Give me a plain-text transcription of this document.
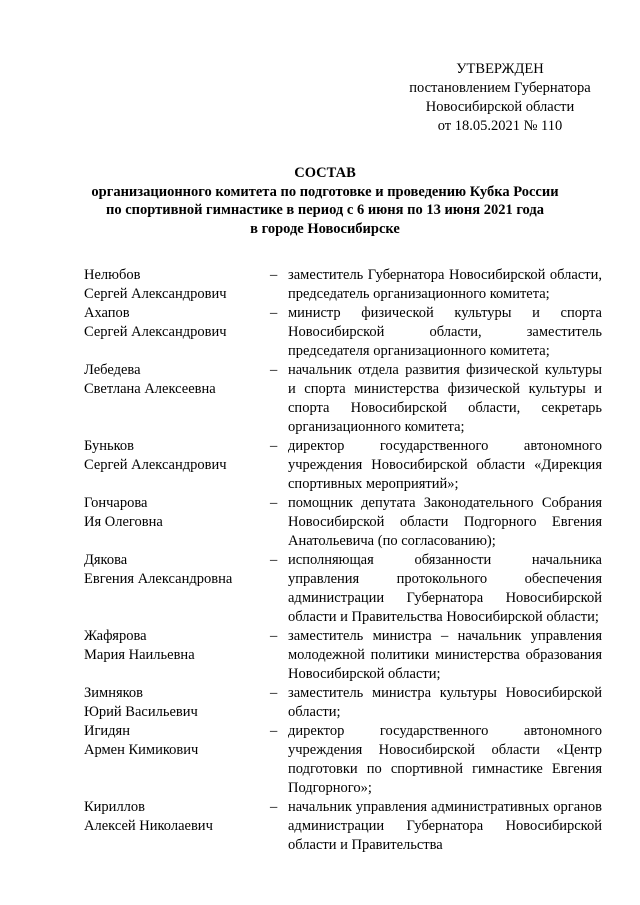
УТВЕРЖДЕН
постановлением Губернатора
Новосибирской области
от 18.05.2021 № 110
СОСТАВ
организационного комитета по подготовке и проведению Кубка России
по спортивной гимнастике в период с 6 июня по 13 июня 2021 года
в городе Новосибирске
Нелюбов
Сергей Александрович
– заместитель Губернатора Новосибирской области, председатель организационного комитета;
Ахапов
Сергей Александрович
– министр физической культуры и спорта Новосибирской области, заместитель председателя организационного комитета;
Лебедева
Светлана Алексеевна
– начальник отдела развития физической культуры и спорта министерства физической культуры и спорта Новосибирской области, секретарь организационного комитета;
Буньков
Сергей Александрович
– директор государственного автономного учреждения Новосибирской области «Дирекция спортивных мероприятий»;
Гончарова
Ия Олеговна
– помощник депутата Законодательного Собрания Новосибирской области Подгорного Евгения Анатольевича (по согласованию);
Дякова
Евгения Александровна
– исполняющая обязанности начальника управления протокольного обеспечения администрации Губернатора Новосибирской области и Правительства Новосибирской области;
Жафярова
Мария Наильевна
– заместитель министра – начальник управления молодежной политики министерства образования Новосибирской области;
Зимняков
Юрий Васильевич
– заместитель министра культуры Новосибирской области;
Игидян
Армен Кимикович
– директор государственного автономного учреждения Новосибирской области «Центр подготовки по спортивной гимнастике Евгения Подгорного»;
Кириллов
Алексей Николаевич
– начальник управления административных органов администрации Губернатора Новосибирской области и Правительства
